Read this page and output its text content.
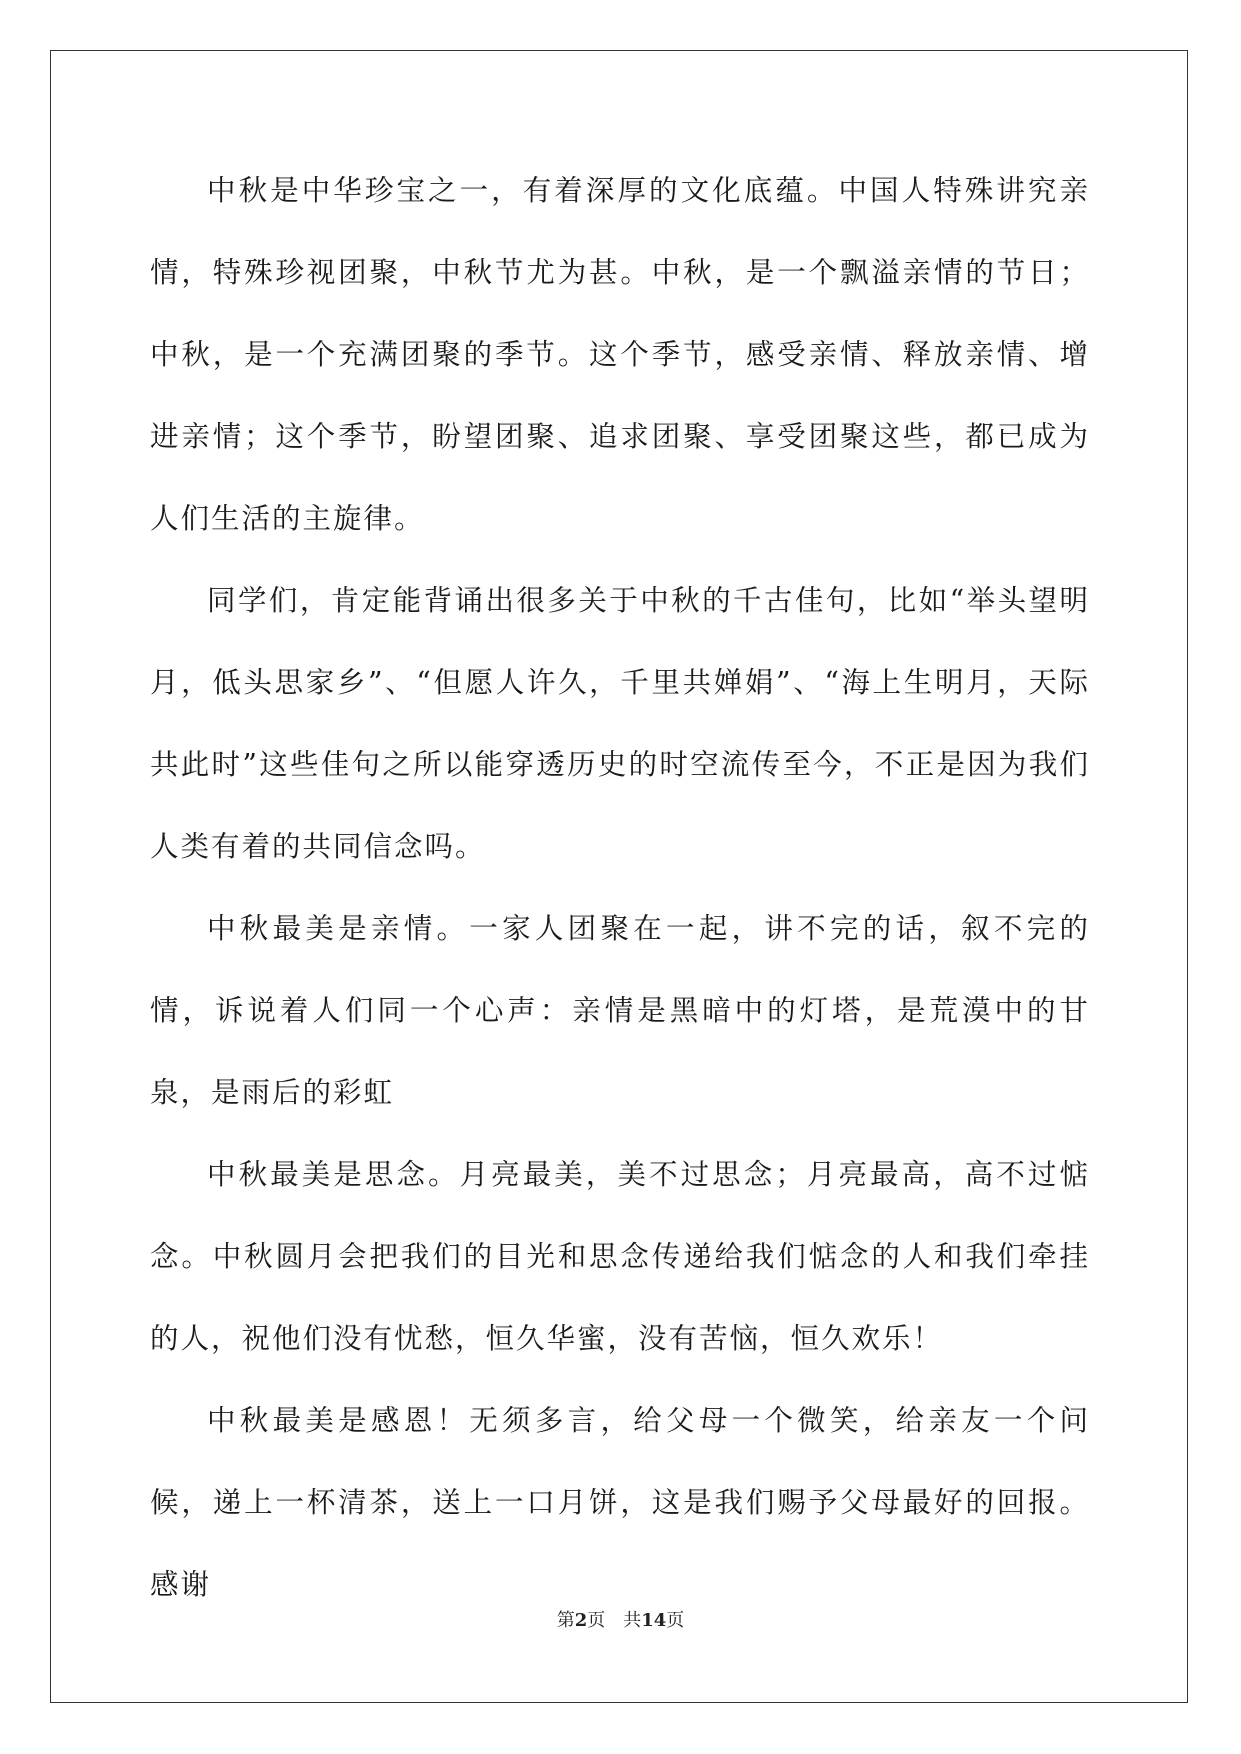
中秋是中华珍宝之一，有着深厚的文化底蕴。中国人特殊讲究亲情，特殊珍视团聚，中秋节尤为甚。中秋，是一个飘溢亲情的节日；中秋，是一个充满团聚的季节。这个季节，感受亲情、释放亲情、增进亲情；这个季节，盼望团聚、追求团聚、享受团聚这些，都已成为人们生活的主旋律。

同学们，肯定能背诵出很多关于中秋的千古佳句，比如“举头望明月，低头思家乡”、“但愿人许久，千里共婵娟”、“海上生明月，天际共此时”这些佳句之所以能穿透历史的时空流传至今，不正是因为我们人类有着的共同信念吗。

中秋最美是亲情。一家人团聚在一起，讲不完的话，叙不完的情，诉说着人们同一个心声：亲情是黑暗中的灯塔，是荒漠中的甘泉，是雨后的彩虹

中秋最美是思念。月亮最美，美不过思念；月亮最高，高不过惦念。中秋圆月会把我们的目光和思念传递给我们惦念的人和我们牵挂的人，祝他们没有忧愁，恒久华蜜，没有苦恼，恒久欢乐！

中秋最美是感恩！无须多言，给父母一个微笑，给亲友一个问候，递上一杯清茶，送上一口月饼，这是我们赐予父母最好的回报。感谢

第2页 共14页
